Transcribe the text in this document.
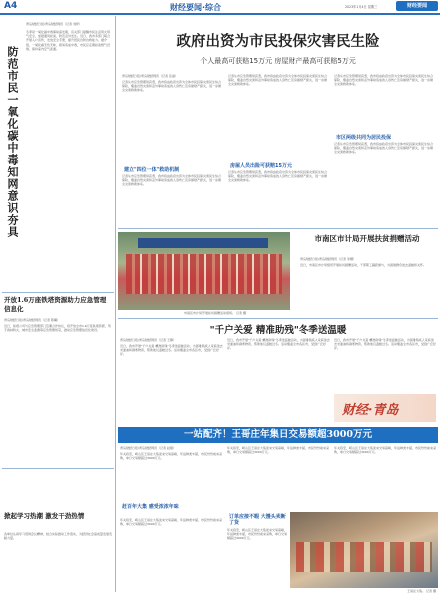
A4	财经要闻·综合	2023年1月4日 星期三	财经要闻
防范市民一氧化碳中毒知网意识夯具
青岛财经日报/青岛财经网讯（记者 刘梓）
冬季是一氧化碳中毒事故高发期，有关部门提醒市民注意用火用气安全，加强通风检查，防范意外发生。近日，我市多部门联合开展入户宣传，发放安全手册，提升居民自防自救能力。据介绍，一氧化碳无色无味，极易造成中毒，市民应定期检查燃气设施，保持室内空气流通。
开放1.6万座铁塔资源助力应急管理信息化
青岛财经日报/青岛财经网讯（记者 陈曦）
近日，铁塔公司与应急管理部门签署合作协议，将开放全市1.6万座铁塔资源，用于森林防火、城市安全监测等应急管理场景，推动应急管理信息化建设。
掀起学习热潮 激发干劲热情
各单位认真学习贯彻会议精神，结合实际推动工作落实，为经济社会高质量发展贡献力量。
政府出资为市民投保灾害民生险
个人最高可获赔15万元 房屋财产最高可获赔5万元
青岛财经日报/青岛财经网讯（记者 张丽）
记者从市应急管理局获悉，我市将由政府出资为全体市民投保灾害民生综合保险，覆盖自然灾害和意外事故造成的人身伤亡及房屋财产损失，进一步健全灾害救助体系。
建立"四位一体"救助机制
记者从市应急管理局获悉，我市将由政府出资为全体市民投保灾害民生综合保险，覆盖自然灾害和意外事故造成的人身伤亡及房屋财产损失，进一步健全灾害救助体系。
记者从市应急管理局获悉，我市将由政府出资为全体市民投保灾害民生综合保险，覆盖自然灾害和意外事故造成的人身伤亡及房屋财产损失，进一步健全灾害救助体系。
房屋人员出险可获赔15万元
记者从市应急管理局获悉，我市将由政府出资为全体市民投保灾害民生综合保险，覆盖自然灾害和意外事故造成的人身伤亡及房屋财产损失，进一步健全灾害救助体系。
记者从市应急管理局获悉，我市将由政府出资为全体市民投保灾害民生综合保险，覆盖自然灾害和意外事故造成的人身伤亡及房屋财产损失，进一步健全灾害救助体系。
市区两级共同为居民投保
记者从市应急管理局获悉，我市将由政府出资为全体市民投保灾害民生综合保险，覆盖自然灾害和意外事故造成的人身伤亡及房屋财产损失，进一步健全灾害救助体系。
市南区市计局开展扶贫捐赠活动现场。 记者 摄
市南区市计局开展扶贫捐赠活动
青岛财经日报/青岛财经网讯（记者 李娜）
近日，市南区市计局组织开展扶贫捐赠活动，干部职工踊跃参与，为困难群众送去温暖和关怀。
"千户关爱 精准助残"冬季送温暖
青岛财经日报/青岛财经网讯（记者 王静）
近日，我市开展"千户关爱 精准助残"冬季送温暖活动，为困难残疾人家庭送去米面油和御寒物资，帮助他们温暖过冬。活动覆盖全市各区市，受到广泛好评。
近日，我市开展"千户关爱 精准助残"冬季送温暖活动，为困难残疾人家庭送去米面油和御寒物资，帮助他们温暖过冬。活动覆盖全市各区市，受到广泛好评。
近日，我市开展"千户关爱 精准助残"冬季送温暖活动，为困难残疾人家庭送去米面油和御寒物资，帮助他们温暖过冬。活动覆盖全市各区市，受到广泛好评。
财经·青岛
一站配齐！王哥庄年集日交易额超3000万元
青岛财经日报/青岛财经网讯（记者 赵强）
年关将至，崂山区王哥庄大集迎来交易高峰，年货种类丰富，市民纷纷前来采购，单日交易额超过3000万元。
赶百年大集 感受浓浓年味
年关将至，崂山区王哥庄大集迎来交易高峰，年货种类丰富，市民纷纷前来采购，单日交易额超过3000万元。
年关将至，崂山区王哥庄大集迎来交易高峰，年货种类丰富，市民纷纷前来采购，单日交易额超过3000万元。
订单应接不暇 大馒头卖断了货
年关将至，崂山区王哥庄大集迎来交易高峰，年货种类丰富，市民纷纷前来采购，单日交易额超过3000万元。
年关将至，崂山区王哥庄大集迎来交易高峰，年货种类丰富，市民纷纷前来采购，单日交易额超过3000万元。
王哥庄大集。 记者 摄
